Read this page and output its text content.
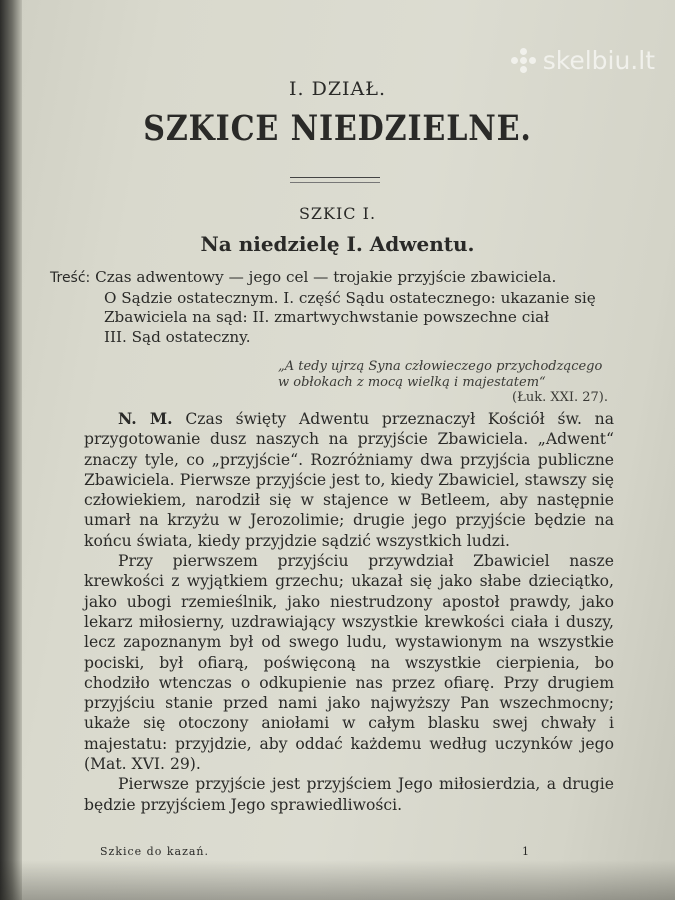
skelbiu.lt
I. DZIAŁ.
SZKICE NIEDZIELNE.
SZKIC I.
Na niedzielę I. Adwentu.
Treść: Czas adwentowy — jego cel — trojakie przyjście zbawiciela.
O Sądzie ostatecznym. I. część Sądu ostatecznego: ukazanie się
Zbawiciela na sąd: II. zmartwychwstanie powszechne ciał
III. Sąd ostateczny.
„A tedy ujrzą Syna człowieczego przychodzącego w obłokach z mocą wielką i majestatem“
(Łuk. XXI. 27).

N. M. Czas święty Adwentu przeznaczył Kościół św. na przygotowanie dusz naszych na przyjście Zbawiciela. „Adwent“ znaczy tyle, co „przyjście“. Rozróżniamy dwa przyjścia publiczne Zbawiciela. Pierwsze przyjście jest to, kiedy Zbawiciel, stawszy się człowiekiem, narodził się w stajence w Betleem, aby następnie umarł na krzyżu w Jerozolimie; drugie jego przyjście będzie na końcu świata, kiedy przyjdzie sądzić wszystkich ludzi.

Przy pierwszem przyjściu przywdział Zbawiciel nasze krewkości z wyjątkiem grzechu; ukazał się jako słabe dzieciątko, jako ubogi rzemieślnik, jako niestrudzony apostoł prawdy, jako lekarz miłosierny, uzdrawiający wszystkie krewkości ciała i duszy, lecz zapoznanym był od swego ludu, wystawionym na wszystkie pociski, był ofiarą, poświęconą na wszystkie cierpienia, bo chodziło wtenczas o odkupienie nas przez ofiarę. Przy drugiem przyjściu stanie przed nami jako najwyższy Pan wszechmocny; ukaże się otoczony aniołami w całym blasku swej chwały i majestatu: przyjdzie, aby oddać każdemu według uczynków jego (Mat. XVI. 29).

Pierwsze przyjście jest przyjściem Jego miłosierdzia, a drugie będzie przyjściem Jego sprawiedliwości.

Szkice do kazań.	1
